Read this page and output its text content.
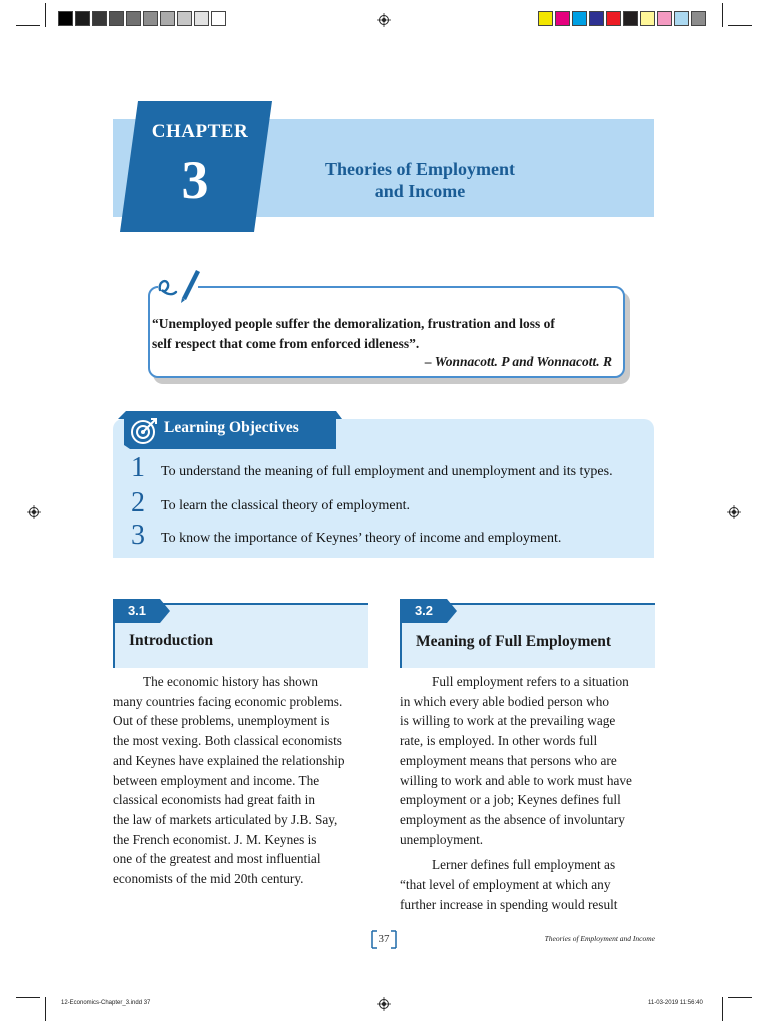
12-Economics-Chapter_3.indd 37	11-03-2019 11:56:40
CHAPTER
3	Theories of Employment
and Income
“Unemployed people suffer the demoralization, frustration and loss of
self respect that come from enforced idleness”.
– Wonnacott. P and Wonnacott. R
Learning Objectives
1 To understand the meaning of full employment and unemployment and its types.
2 To learn the classical theory of employment.
3 To know the importance of Keynes’ theory of income and employment.
3.1
Introduction
The economic history has shown
many countries facing economic problems.
Out of these problems, unemployment is
the most vexing. Both classical economists
and Keynes have explained the relationship
between employment and income. The
classical economists had great faith in
the law of markets articulated by J.B. Say,
the French economist. J. M. Keynes is
one of the greatest and most influential
economists of the mid 20th century.
3.2
Meaning of Full Employment
Full employment refers to a situation
in which every able bodied person who
is willing to work at the prevailing wage
rate, is employed. In other words full
employment means that persons who are
willing to work and able to work must have
employment or a job; Keynes defines full
employment as the absence of involuntary
unemployment.
Lerner defines full employment as
“that level of employment at which any
further increase in spending would result
37	Theories of Employment and Income
